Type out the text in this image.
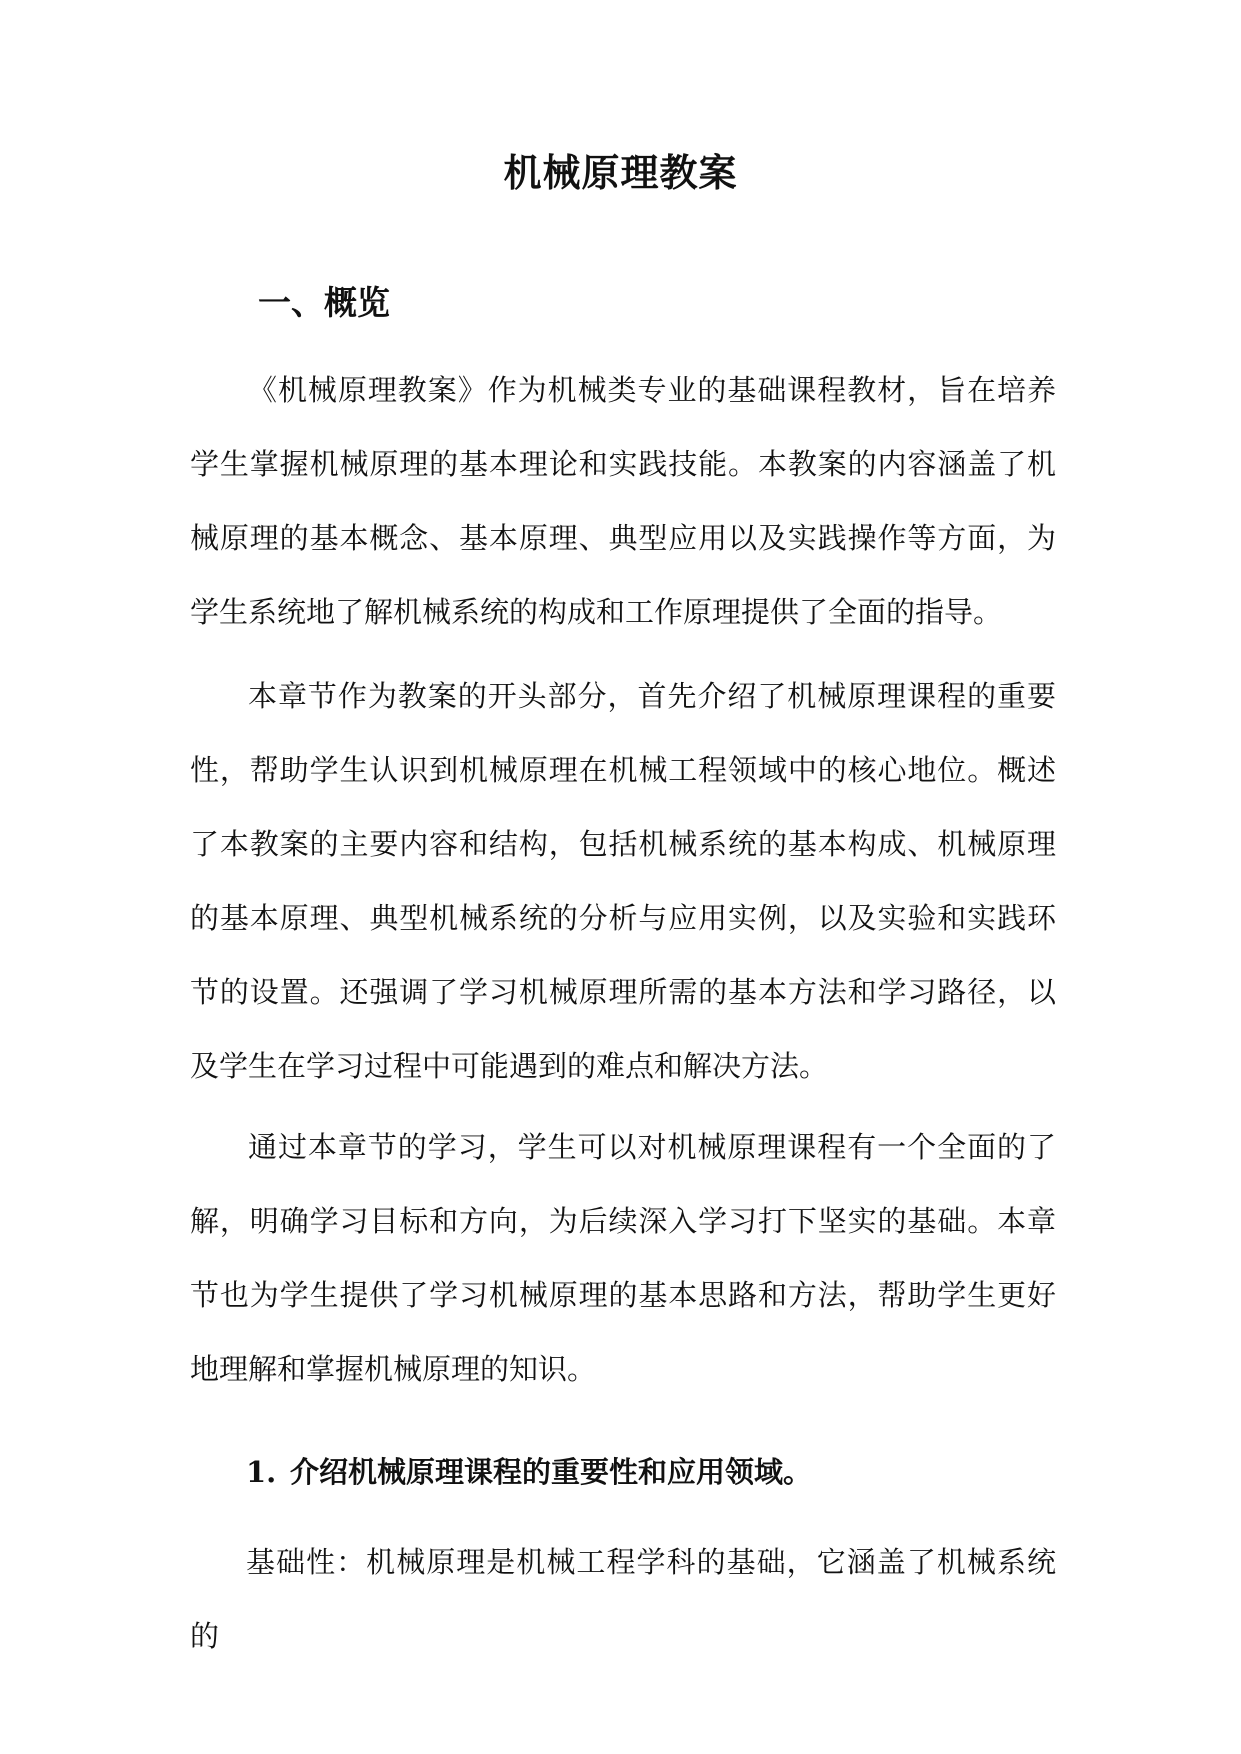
机械原理教案
一、概览

《机械原理教案》作为机械类专业的基础课程教材，旨在培养学生掌握机械原理的基本理论和实践技能。本教案的内容涵盖了机械原理的基本概念、基本原理、典型应用以及实践操作等方面，为学生系统地了解机械系统的构成和工作原理提供了全面的指导。

本章节作为教案的开头部分，首先介绍了机械原理课程的重要性，帮助学生认识到机械原理在机械工程领域中的核心地位。概述了本教案的主要内容和结构，包括机械系统的基本构成、机械原理的基本原理、典型机械系统的分析与应用实例，以及实验和实践环节的设置。还强调了学习机械原理所需的基本方法和学习路径，以及学生在学习过程中可能遇到的难点和解决方法。

通过本章节的学习，学生可以对机械原理课程有一个全面的了解，明确学习目标和方向，为后续深入学习打下坚实的基础。本章节也为学生提供了学习机械原理的基本思路和方法，帮助学生更好地理解和掌握机械原理的知识。

1. 介绍机械原理课程的重要性和应用领域。

基础性：机械原理是机械工程学科的基础，它涵盖了机械系统的
